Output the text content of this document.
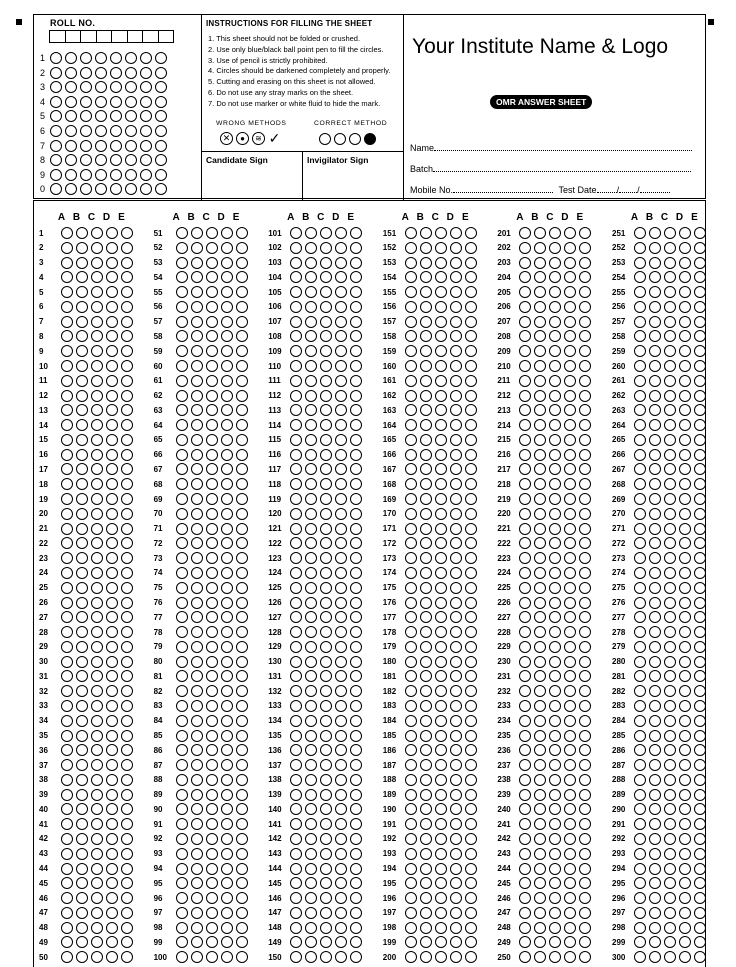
ROLL NO.
1
2
3
4
5
6
7
8
9
0
INSTRUCTIONS FOR FILLING THE SHEET
1. This sheet should not be folded or crushed.
2. Use only blue/black ball point pen to fill the circles.
3. Use of pencil is strictly prohibited.
4. Circles should be darkened completely and properly.
5. Cutting and erasing on this sheet is not allowed.
6. Do not use any stray marks on the sheet.
7. Do not use marker or white fluid to hide the mark.
WRONG METHODS	CORRECT METHOD
✕	●	≋ ✓
Candidate Sign	Invigilator Sign
Your Institute Name & Logo
OMR ANSWER SHEET
Name
Batch
Mobile No.	Test Date / /
A B C D E
1
2
3
4
5
6
7
8
9
10
11
12
13
14
15
16
17
18
19
20
21
22
23
24
25
26
27
28
29
30
31
32
33
34
35
36
37
38
39
40
41
42
43
44
45
46
47
48
49
50
A B C D E
51
52
53
54
55
56
57
58
59
60
61
62
63
64
65
66
67
68
69
70
71
72
73
74
75
76
77
78
79
80
81
82
83
84
85
86
87
88
89
90
91
92
93
94
95
96
97
98
99
100
A B C D E
101
102
103
104
105
106
107
108
109
110
111
112
113
114
115
116
117
118
119
120
121
122
123
124
125
126
127
128
129
130
131
132
133
134
135
136
137
138
139
140
141
142
143
144
145
146
147
148
149
150
A B C D E
151
152
153
154
155
156
157
158
159
160
161
162
163
164
165
166
167
168
169
170
171
172
173
174
175
176
177
178
179
180
181
182
183
184
185
186
187
188
189
190
191
192
193
194
195
196
197
198
199
200
A B C D E
201
202
203
204
205
206
207
208
209
210
211
212
213
214
215
216
217
218
219
220
221
222
223
224
225
226
227
228
229
230
231
232
233
234
235
236
237
238
239
240
241
242
243
244
245
246
247
248
249
250
A B C D E
251
252
253
254
255
256
257
258
259
260
261
262
263
264
265
266
267
268
269
270
271
272
273
274
275
276
277
278
279
280
281
282
283
284
285
286
287
288
289
290
291
292
293
294
295
296
297
298
299
300
